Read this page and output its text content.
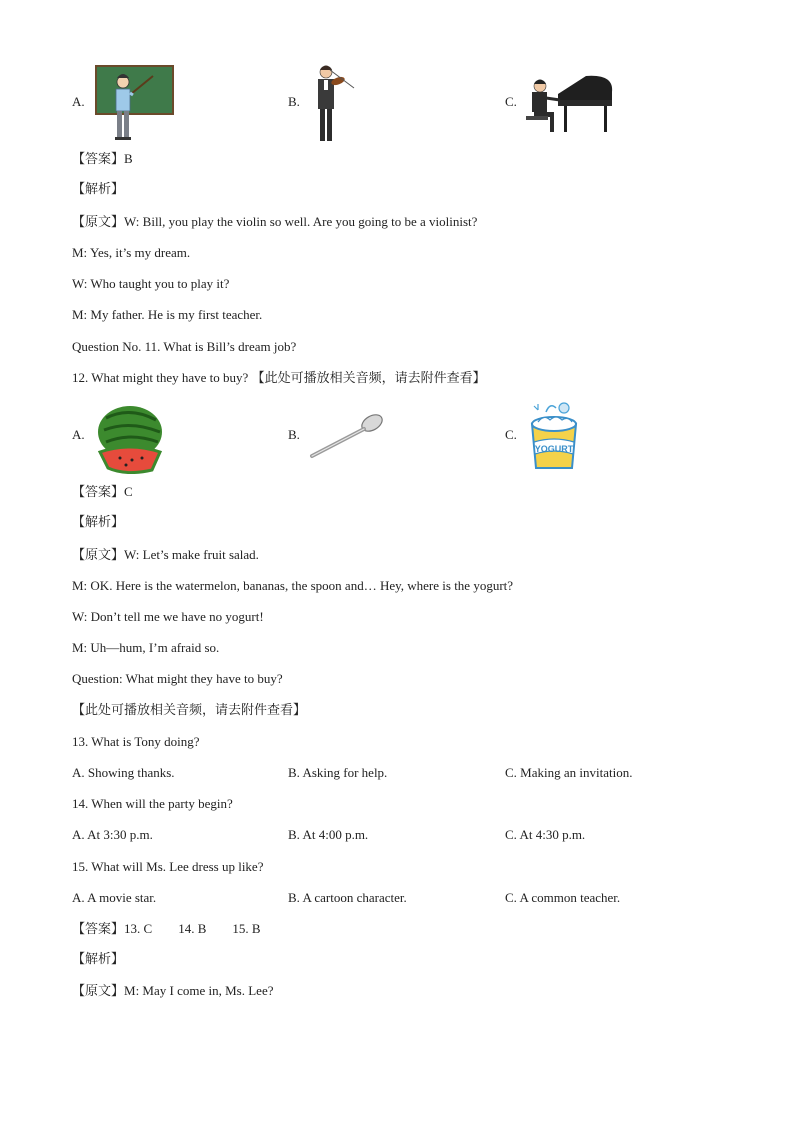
A.	B.	C.
【答案】B
【解析】
【原文】W: Bill, you play the violin so well. Are you going to be a violinist?
M: Yes, it’s my dream.
W: Who taught you to play it?
M: My father. He is my first teacher.
Question No. 11. What is Bill’s dream job?
12. What might they have to buy? 【此处可播放相关音频，请去附件查看】
A.	B.	C.
YOGURT
【答案】C
【解析】
【原文】W: Let’s make fruit salad.
M: OK. Here is the watermelon, bananas, the spoon and… Hey, where is the yogurt?
W: Don’t tell me we have no yogurt!
M: Uh—hum, I’m afraid so.
Question: What might they have to buy?
【此处可播放相关音频，请去附件查看】
13. What is Tony doing?
A. Showing thanks.	B. Asking for help.	C. Making an invitation.
14. When will the party begin?
A. At 3:30 p.m.	B. At 4:00 p.m.	C. At 4:30 p.m.
15. What will Ms. Lee dress up like?
A. A movie star.	B. A cartoon character.	C. A common teacher.
【答案】13. C 14. B 15. B
【解析】
【原文】M: May I come in, Ms. Lee?
